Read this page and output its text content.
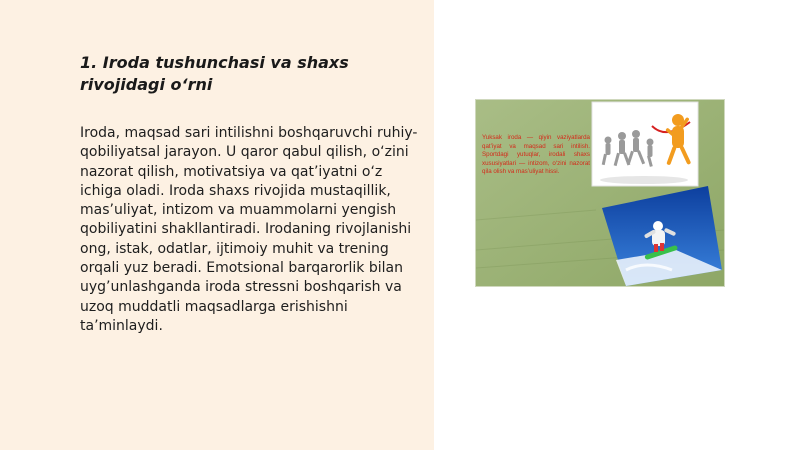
1. Iroda tushunchasi va shaxs rivojidagi o‘rni
Iroda, maqsad sari intilishni boshqaruvchi ruhiy-qobiliyatsal jarayon. U qaror qabul qilish, o‘zini nazorat qilish, motivatsiya va qat’iyatni o‘z ichiga oladi. Iroda shaxs rivojida mustaqillik, mas’uliyat, intizom va muammolarni yengish qobiliyatini shakllantiradi. Irodaning rivojlanishi ong, istak, odatlar, ijtimoiy muhit va trening orqali yuz beradi. Emotsional barqarorlik bilan uyg’unlashganda iroda stressni boshqarish va uzoq muddatli maqsadlarga erishishni ta’minlaydi.
Yuksak iroda — qiyin vaziyatlarda qat’iyat va maqsad sari intilish. Sportdagi yutuqlar, irodali shaxs xususiyatlari — intizom, o‘zini nazorat qila olish va mas’uliyat hissi.
